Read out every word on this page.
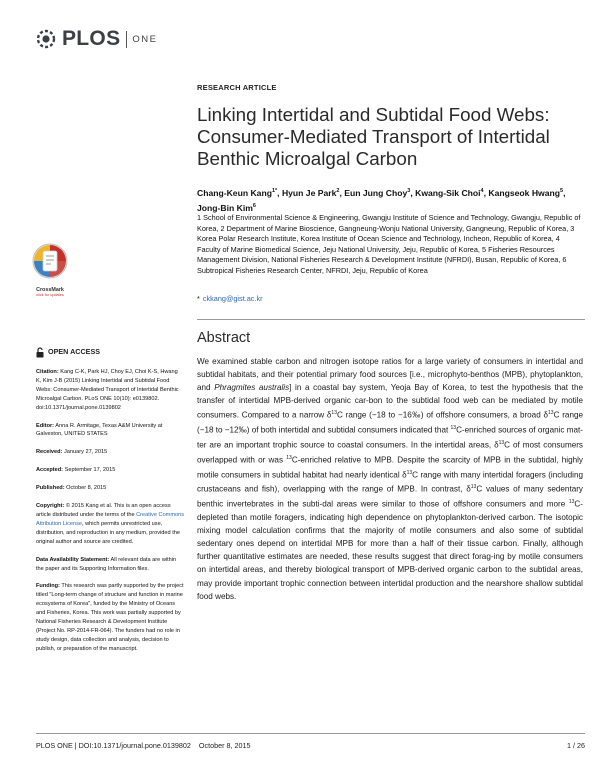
PLOS ONE
RESEARCH ARTICLE
Linking Intertidal and Subtidal Food Webs: Consumer-Mediated Transport of Intertidal Benthic Microalgal Carbon
Chang-Keun Kang$^{1*}$, Hyun Je Park$^2$, Eun Jung Choy$^3$, Kwang-Sik Choi$^4$, Kangseok Hwang$^5$, Jong-Bin Kim$^6$
1 School of Environmental Science & Engineering, Gwangju Institute of Science and Technology, Gwangju, Republic of Korea, 2 Department of Marine Bioscience, Gangneung-Wonju National University, Gangneung, Republic of Korea, 3 Korea Polar Research Institute, Korea Institute of Ocean Science and Technology, Incheon, Republic of Korea, 4 Faculty of Marine Biomedical Science, Jeju National University, Jeju, Republic of Korea, 5 Fisheries Resources Management Division, National Fisheries Research & Development Institute (NFRDI), Busan, Republic of Korea, 6 Subtropical Fisheries Research Center, NFRDI, Jeju, Republic of Korea
* ckkang@gist.ac.kr
CrossMark
click for updates
Abstract
We examined stable carbon and nitrogen isotope ratios for a large variety of consumers in intertidal and subtidal habitats, and their potential primary food sources [i.e., microphyto-benthos (MPB), phytoplankton, and Phragmites australis] in a coastal bay system, Yeoja Bay of Korea, to test the hypothesis that the transfer of intertidal MPB-derived organic car-bon to the subtidal food web can be mediated by motile consumers. Compared to a narrow $\delta^{13}C$ range (−18 to −16‰) of offshore consumers, a broad $\delta^{13}C$ range (−18 to −12‰) of both intertidal and subtidal consumers indicated that $^{13}$C-enriched sources of organic mat-ter are an important trophic source to coastal consumers. In the intertidal areas, $\delta^{13}C$ of most consumers overlapped with or was $^{13}$C-enriched relative to MPB. Despite the scarcity of MPB in the subtidal, highly motile consumers in subtidal habitat had nearly identical $\delta^{13}C$ range with many intertidal foragers (including crustaceans and fish), overlapping with the range of MPB. In contrast, $\delta^{13}C$ values of many sedentary benthic invertebrates in the subti-dal areas were similar to those of offshore consumers and more $^{13}$C-depleted than motile foragers, indicating high dependence on phytoplankton-derived carbon. The isotopic mixing model calculation confirms that the majority of motile consumers and also some of subtidal sedentary ones depend on intertidal MPB for more than a half of their tissue carbon. Finally, although further quantitative estimates are needed, these results suggest that direct forag-ing by motile consumers on intertidal areas, and thereby biological transport of MPB-derived organic carbon to the subtidal areas, may provide important trophic connection between intertidal production and the nearshore shallow subtidal food webs.
OPEN ACCESS

Citation: Kang C-K, Park HJ, Choy EJ, Choi K-S, Hwang K, Kim J-B (2015) Linking Intertidal and Subtidal Food Webs: Consumer-Mediated Transport of Intertidal Benthic Microalgal Carbon. PLoS ONE 10(10): e0139802. doi:10.1371/journal.pone.0139802

Editor: Anna R. Armitage, Texas A&M University at Galveston, UNITED STATES

Received: January 27, 2015

Accepted: September 17, 2015

Published: October 8, 2015

Copyright: © 2015 Kang et al. This is an open access article distributed under the terms of the Creative Commons Attribution License, which permits unrestricted use, distribution, and reproduction in any medium, provided the original author and source are credited.

Data Availability Statement: All relevant data are within the paper and its Supporting Information files.

Funding: This research was partly supported by the project titled "Long-term change of structure and function in marine ecosystems of Korea", funded by the Ministry of Oceans and Fisheries, Korea. This work was partially supported by National Fisheries Research & Development Institute (Project No. RP-2014-FR-064). The funders had no role in study design, data collection and analysis, decision to publish, or preparation of the manuscript.

PLOS ONE | DOI:10.1371/journal.pone.0139802    October 8, 2015	1 / 26
